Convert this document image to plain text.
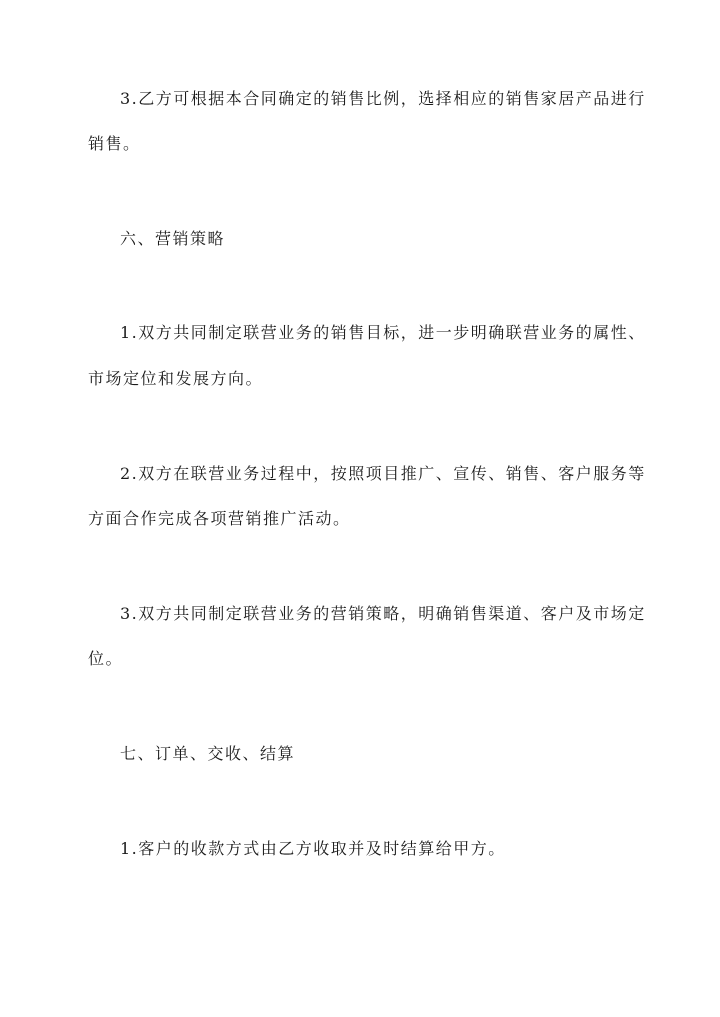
3.乙方可根据本合同确定的销售比例，选择相应的销售家居产品进行
销售。
六、营销策略
1.双方共同制定联营业务的销售目标，进一步明确联营业务的属性、
市场定位和发展方向。
2.双方在联营业务过程中，按照项目推广、宣传、销售、客户服务等
方面合作完成各项营销推广活动。
3.双方共同制定联营业务的营销策略，明确销售渠道、客户及市场定
位。
七、订单、交收、结算
1.客户的收款方式由乙方收取并及时结算给甲方。
